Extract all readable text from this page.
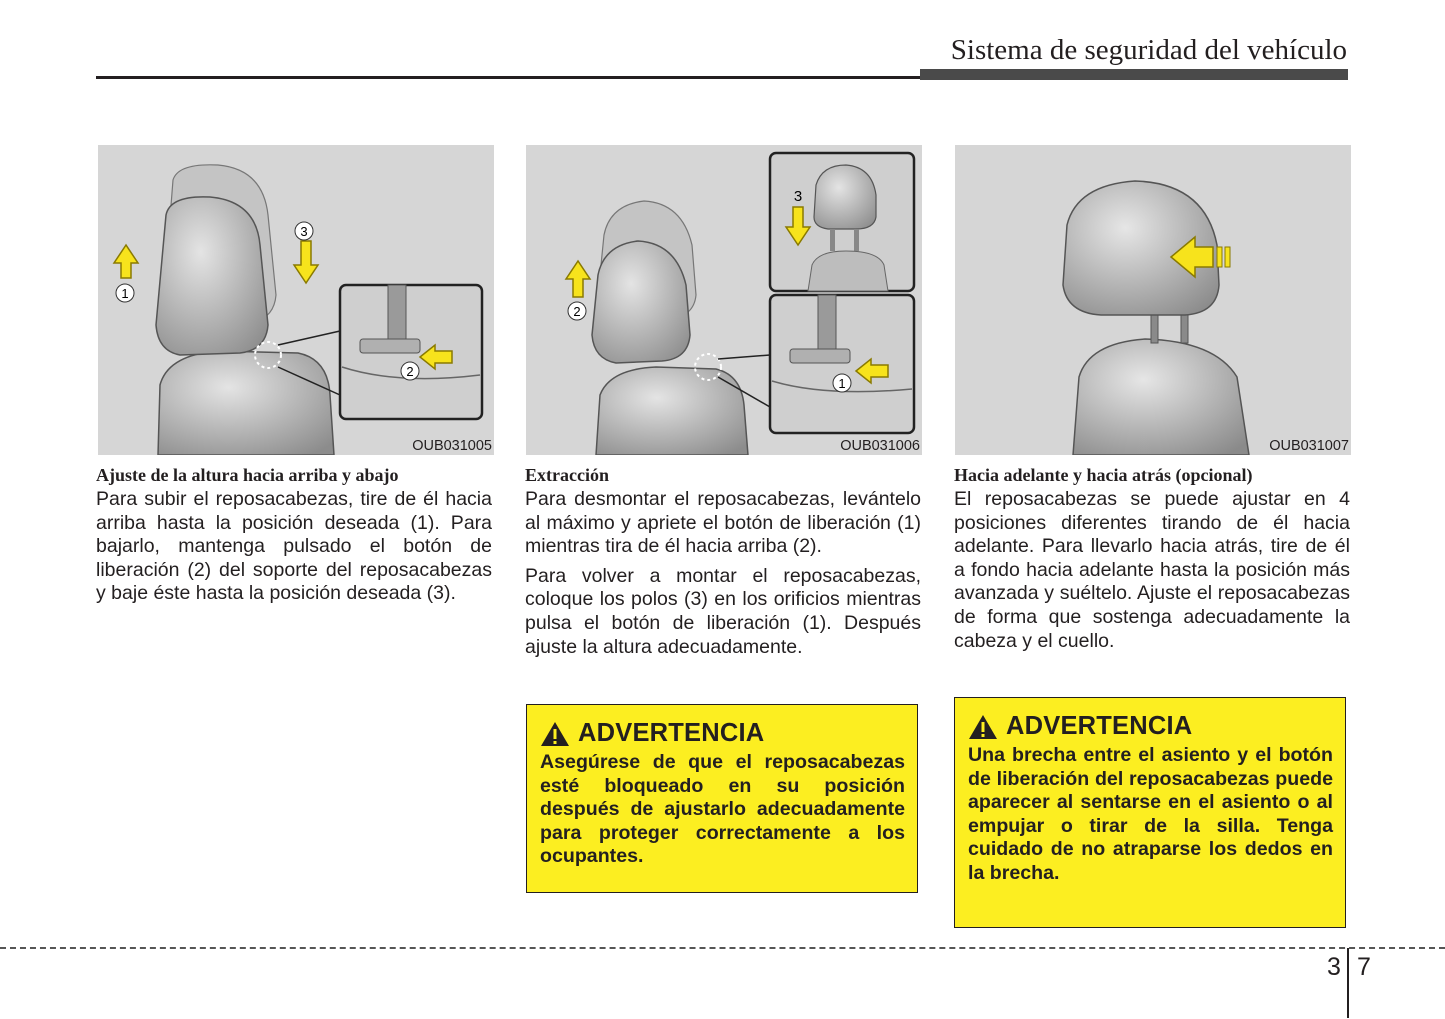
Sistema de seguridad del vehículo
1
2
3
OUB031005
1
2
3
OUB031006	OUB031007
Ajuste de la altura hacia arriba y abajo

Para subir el reposacabezas, tire de él hacia arriba hasta la posición deseada (1). Para bajarlo, mantenga pulsado el botón de liberación (2) del soporte del reposacabezas y baje éste hasta la posición deseada (3).

Extracción

Para desmontar el reposacabezas, levántelo al máximo y apriete el botón de liberación (1) mientras tira de él hacia arriba (2).

Para volver a montar el reposacabezas, coloque los polos (3) en los orificios mientras pulsa el botón de liberación (1). Después ajuste la altura adecuadamente.

ADVERTENCIA
Asegúrese de que el reposacabezas esté bloqueado en su posición después de ajustarlo adecuadamente para proteger correctamente a los ocupantes.
Hacia adelante y hacia atrás (opcional)

El reposacabezas se puede ajustar en 4 posiciones diferentes tirando de él hacia adelante. Para llevarlo hacia atrás, tire de él a fondo hacia adelante hasta la posición más avanzada y suéltelo. Ajuste el reposacabezas de forma que sostenga adecuadamente la cabeza y el cuello.

ADVERTENCIA
Una brecha entre el asiento y el botón de liberación del reposacabezas puede aparecer al sentarse en el asiento o al empujar o tirar de la silla. Tenga cuidado de no atraparse los dedos en la brecha.
3 7
